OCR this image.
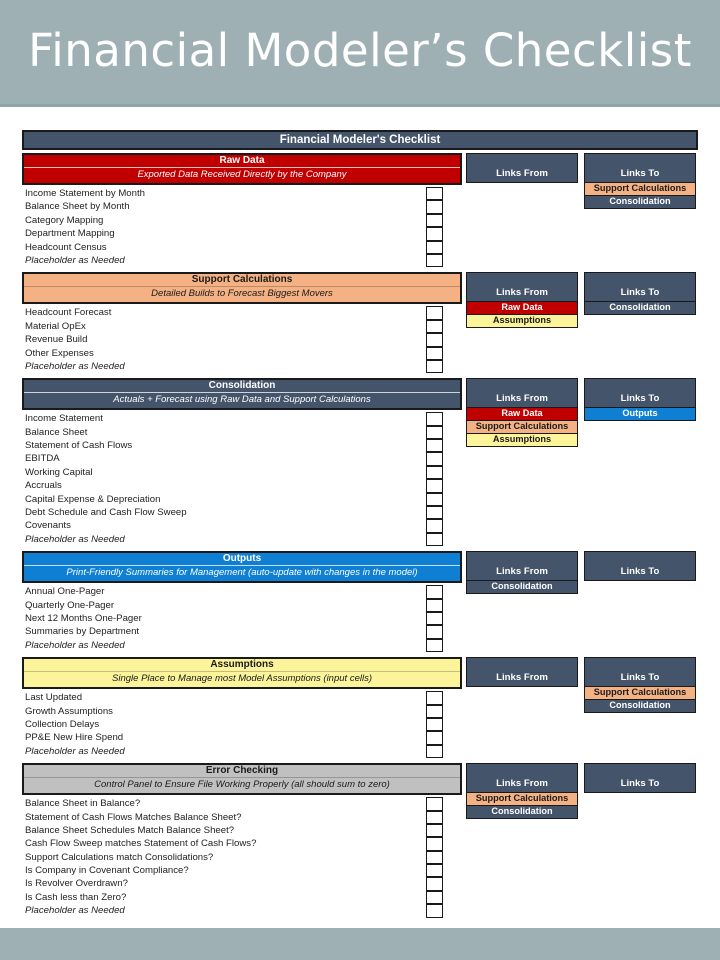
Financial Modeler’s Checklist
Financial Modeler's Checklist
Raw Data
Exported Data Received Directly by the Company
Income Statement by Month
Balance Sheet by Month
Category Mapping
Department Mapping
Headcount Census
Placeholder as Needed
Links From	Links To
Support Calculations
Consolidation
Support Calculations
Detailed Builds to Forecast Biggest Movers
Headcount Forecast
Material OpEx
Revenue Build
Other Expenses
Placeholder as Needed
Links From
Raw Data
Assumptions
Links To
Consolidation
Consolidation
Actuals + Forecast using Raw Data and Support Calculations
Income Statement
Balance Sheet
Statement of Cash Flows
EBITDA
Working Capital
Accruals
Capital Expense & Depreciation
Debt Schedule and Cash Flow Sweep
Covenants
Placeholder as Needed
Links From
Raw Data
Support Calculations
Assumptions
Links To
Outputs
Outputs
Print-Friendly Summaries for Management (auto-update with changes in the model)
Annual One-Pager
Quarterly One-Pager
Next 12 Months One-Pager
Summaries by Department
Placeholder as Needed
Links From
Consolidation
Links To
Assumptions
Single Place to Manage most Model Assumptions (input cells)
Last Updated
Growth Assumptions
Collection Delays
PP&E New Hire Spend
Placeholder as Needed
Links From	Links To
Support Calculations
Consolidation
Error Checking
Control Panel to Ensure File Working Properly (all should sum to zero)
Balance Sheet in Balance?
Statement of Cash Flows Matches Balance Sheet?
Balance Sheet Schedules Match Balance Sheet?
Cash Flow Sweep matches Statement of Cash Flows?
Support Calculations match Consolidations?
Is Company in Covenant Compliance?
Is Revolver Overdrawn?
Is Cash less than Zero?
Placeholder as Needed
Links From
Support Calculations
Consolidation
Links To
